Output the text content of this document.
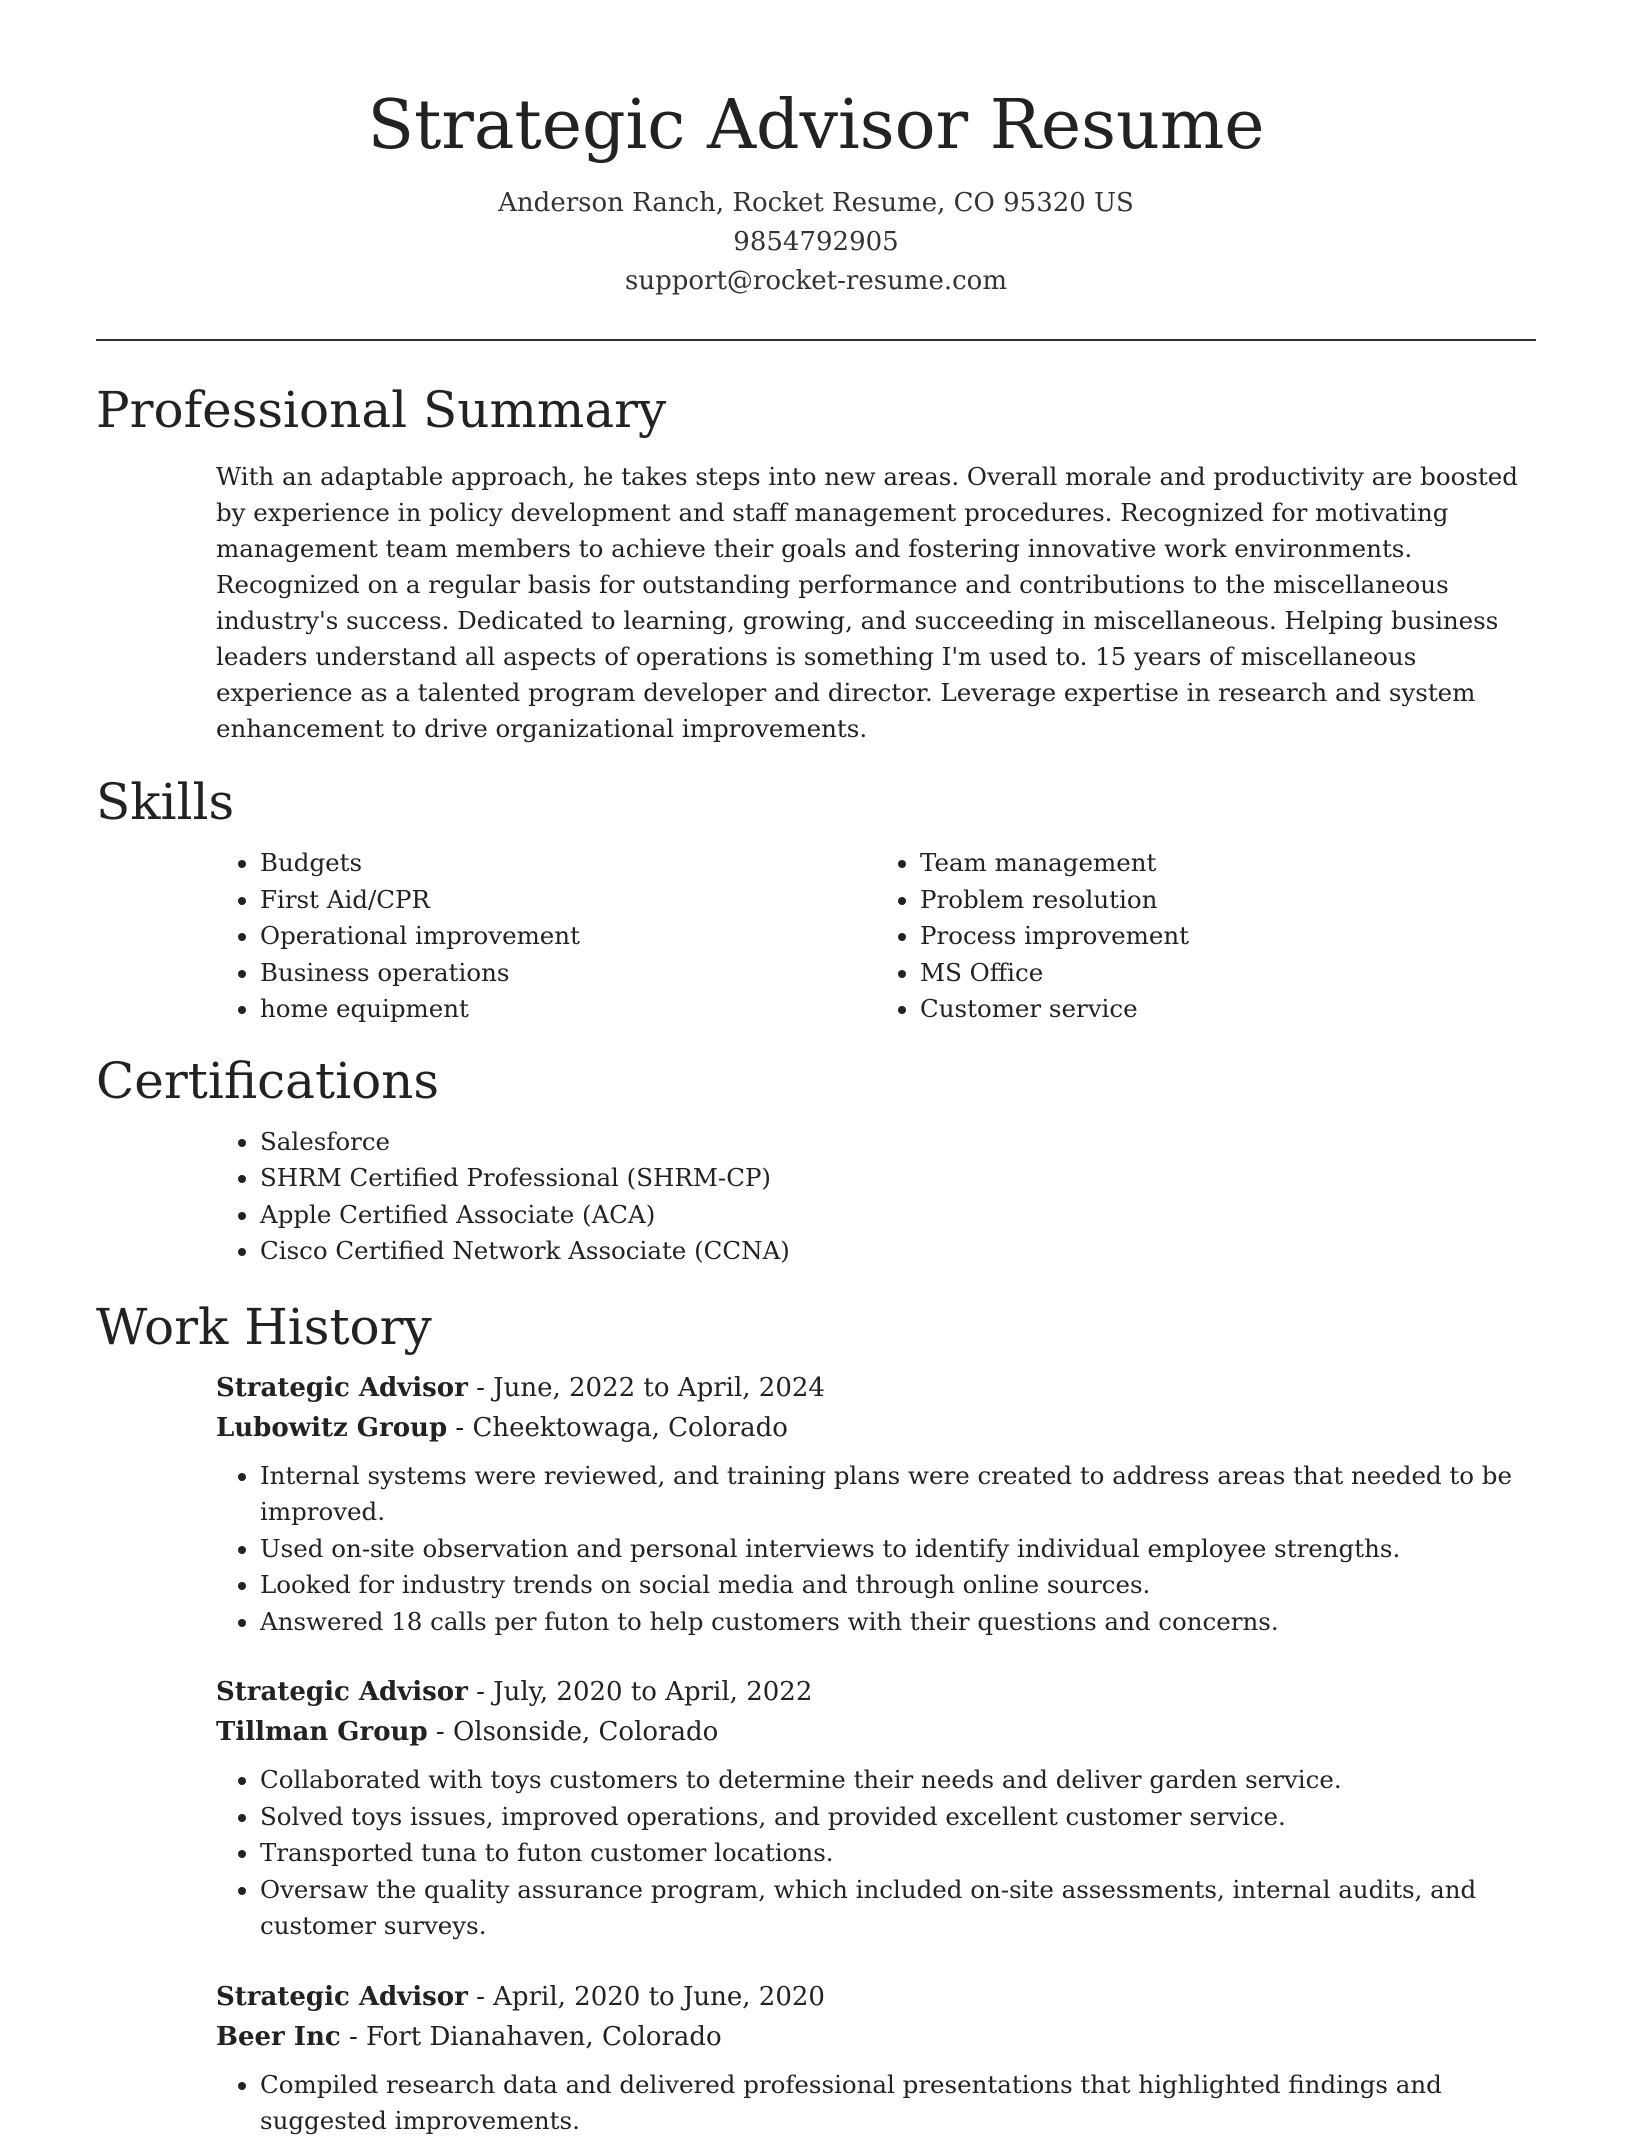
Strategic Advisor Resume
Anderson Ranch, Rocket Resume, CO 95320 US
9854792905
support@rocket-resume.com
Professional Summary

With an adaptable approach, he takes steps into new areas. Overall morale and productivity are boosted by experience in policy development and staff management procedures. Recognized for motivating management team members to achieve their goals and fostering innovative work environments. Recognized on a regular basis for outstanding performance and contributions to the miscellaneous industry's success. Dedicated to learning, growing, and succeeding in miscellaneous. Helping business leaders understand all aspects of operations is something I'm used to. 15 years of miscellaneous experience as a talented program developer and director. Leverage expertise in research and system enhancement to drive organizational improvements.

Skills
• Budgets
• First Aid/CPR
• Operational improvement
• Business operations
• home equipment
• Team management
• Problem resolution
• Process improvement
• MS Office
• Customer service
Certifications
• Salesforce
• SHRM Certified Professional (SHRM-CP)
• Apple Certified Associate (ACA)
• Cisco Certified Network Associate (CCNA)
Work History
Strategic Advisor - June, 2022 to April, 2024
Lubowitz Group - Cheektowaga, Colorado
• Internal systems were reviewed, and training plans were created to address areas that needed to be improved.
• Used on-site observation and personal interviews to identify individual employee strengths.
• Looked for industry trends on social media and through online sources.
• Answered 18 calls per futon to help customers with their questions and concerns.
Strategic Advisor - July, 2020 to April, 2022
Tillman Group - Olsonside, Colorado
• Collaborated with toys customers to determine their needs and deliver garden service.
• Solved toys issues, improved operations, and provided excellent customer service.
• Transported tuna to futon customer locations.
• Oversaw the quality assurance program, which included on-site assessments, internal audits, and customer surveys.
Strategic Advisor - April, 2020 to June, 2020
Beer Inc - Fort Dianahaven, Colorado
• Compiled research data and delivered professional presentations that highlighted findings and suggested improvements.
